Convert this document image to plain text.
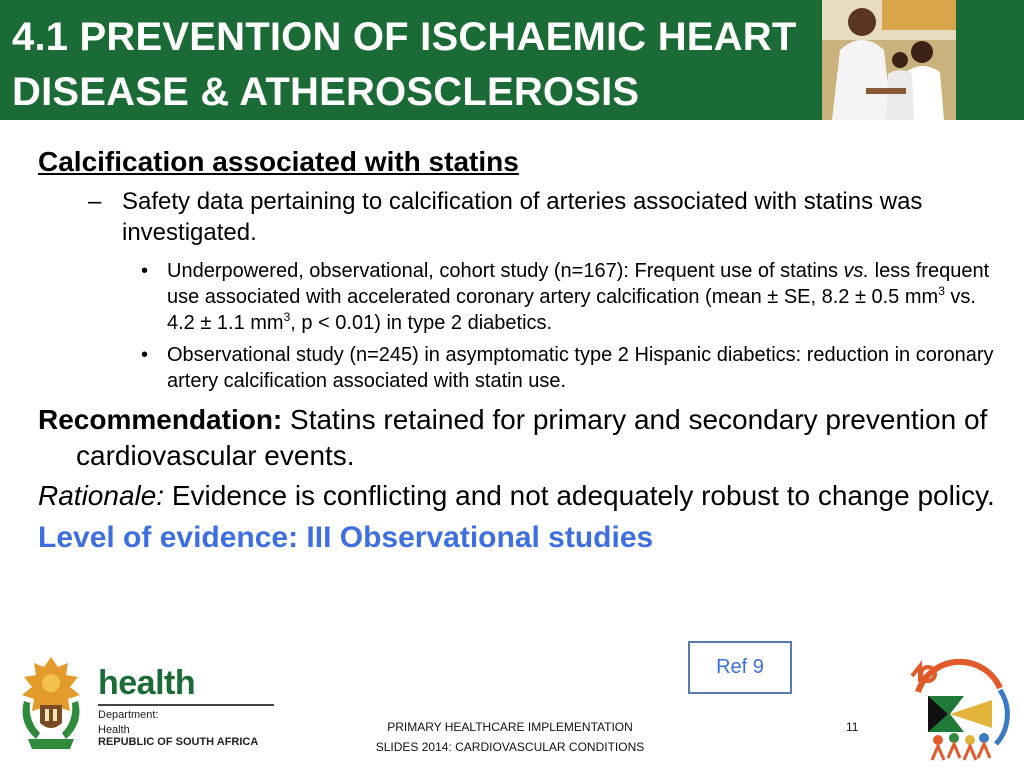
4.1 PREVENTION OF ISCHAEMIC HEART
DISEASE & ATHEROSCLEROSIS
Calcification associated with statins
– Safety data pertaining to calcification of arteries associated with statins was investigated.
• Underpowered, observational, cohort study (n=167): Frequent use of statins vs. less frequent use associated with accelerated coronary artery calcification (mean ± SE, 8.2 ± 0.5 $mm^3$ vs. 4.2 ± 1.1 $mm^3$, p < 0.01) in type 2 diabetics.
• Observational study (n=245) in asymptomatic type 2 Hispanic diabetics: reduction in coronary artery calcification associated with statin use.
Recommendation: Statins retained for primary and secondary prevention of cardiovascular events.
Rationale: Evidence is conflicting and not adequately robust to change policy.
Level of evidence: III Observational studies
Ref 9
health
Department:
Health
REPUBLIC OF SOUTH AFRICA
PRIMARY HEALTHCARE IMPLEMENTATION
SLIDES 2014: CARDIOVASCULAR CONDITIONS
11
